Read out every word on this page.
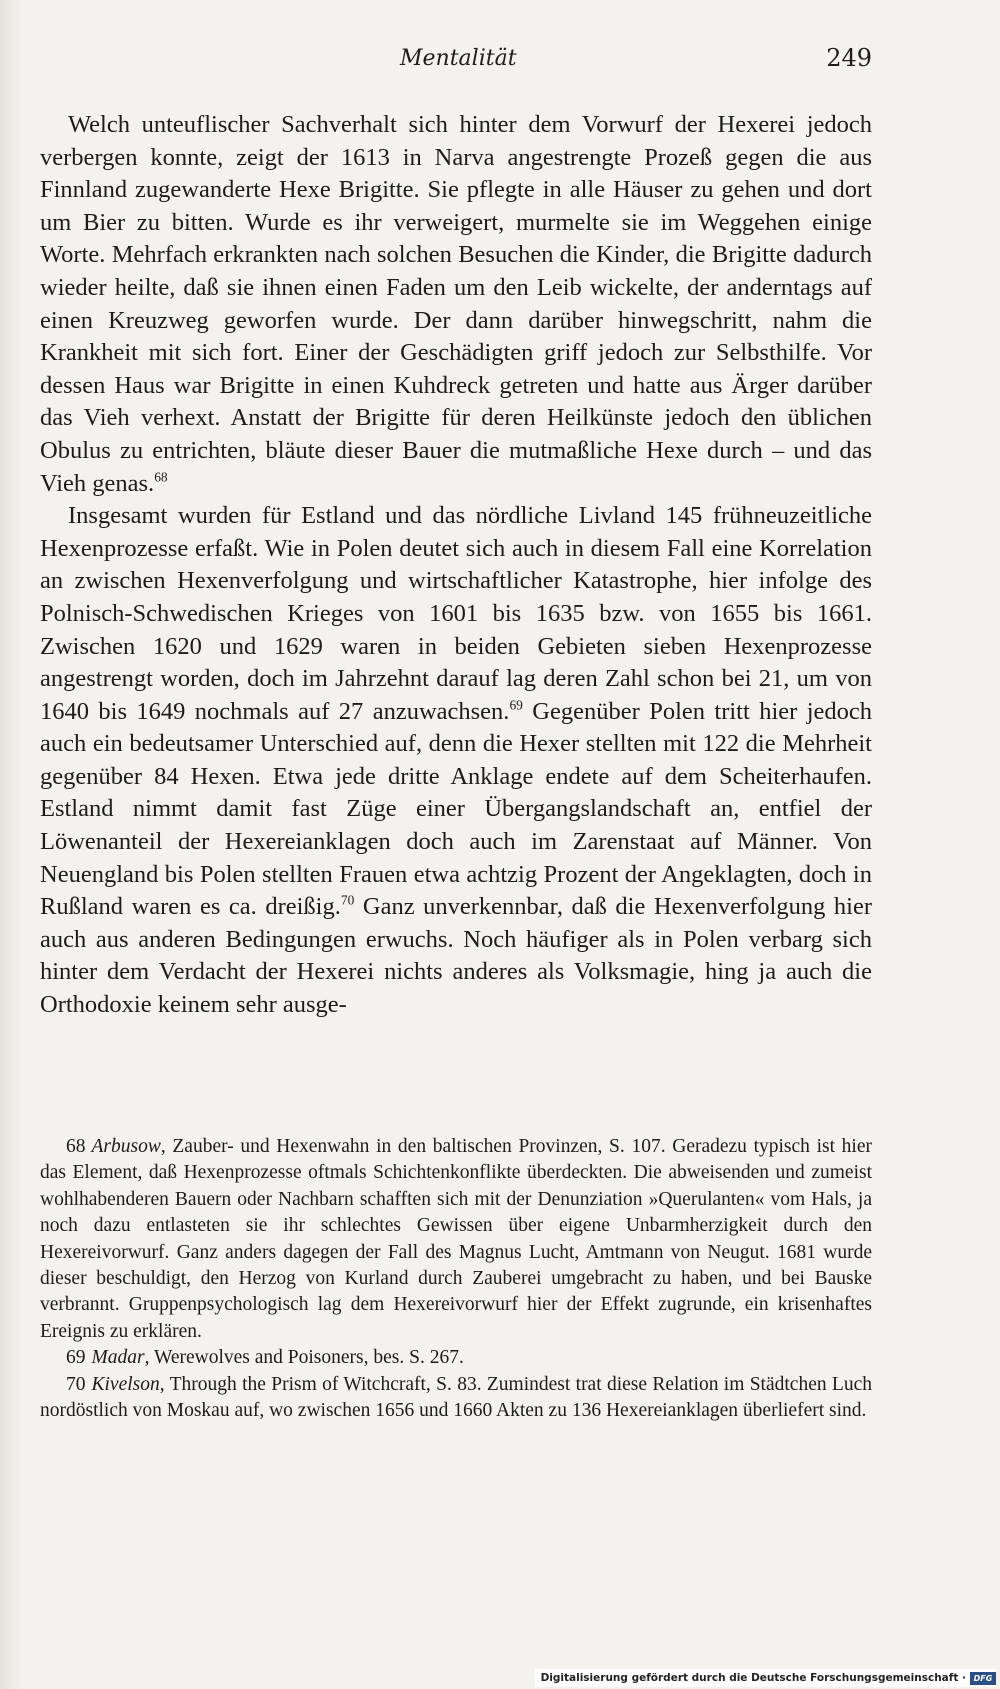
Mentalität	249

Welch unteuflischer Sachverhalt sich hinter dem Vorwurf der Hexerei jedoch verbergen konnte, zeigt der 1613 in Narva angestrengte Prozeß gegen die aus Finnland zugewanderte Hexe Brigitte. Sie pflegte in alle Häuser zu gehen und dort um Bier zu bitten. Wurde es ihr verweigert, murmelte sie im Weggehen einige Worte. Mehrfach erkrankten nach solchen Besuchen die Kinder, die Brigitte dadurch wieder heilte, daß sie ihnen einen Faden um den Leib wickelte, der anderntags auf einen Kreuzweg geworfen wurde. Der dann darüber hinwegschritt, nahm die Krankheit mit sich fort. Einer der Geschädigten griff jedoch zur Selbsthilfe. Vor dessen Haus war Brigitte in einen Kuhdreck getreten und hatte aus Ärger darüber das Vieh verhext. Anstatt der Brigitte für deren Heilkünste jedoch den üblichen Obulus zu entrichten, bläute dieser Bauer die mutmaßliche Hexe durch – und das Vieh genas.$^{68}$

Insgesamt wurden für Estland und das nördliche Livland 145 frühneuzeitliche Hexenprozesse erfaßt. Wie in Polen deutet sich auch in diesem Fall eine Korrelation an zwischen Hexenverfolgung und wirtschaftlicher Katastrophe, hier infolge des Polnisch-Schwedischen Krieges von 1601 bis 1635 bzw. von 1655 bis 1661. Zwischen 1620 und 1629 waren in beiden Gebieten sieben Hexenprozesse angestrengt worden, doch im Jahrzehnt darauf lag deren Zahl schon bei 21, um von 1640 bis 1649 nochmals auf 27 anzuwachsen.$^{69}$ Gegenüber Polen tritt hier jedoch auch ein bedeutsamer Unterschied auf, denn die Hexer stellten mit 122 die Mehrheit gegenüber 84 Hexen. Etwa jede dritte Anklage endete auf dem Scheiterhaufen. Estland nimmt damit fast Züge einer Übergangslandschaft an, entfiel der Löwenanteil der Hexereianklagen doch auch im Zarenstaat auf Männer. Von Neuengland bis Polen stellten Frauen etwa achtzig Prozent der Angeklagten, doch in Rußland waren es ca. dreißig.$^{70}$ Ganz unverkennbar, daß die Hexenverfolgung hier auch aus anderen Bedingungen erwuchs. Noch häufiger als in Polen verbarg sich hinter dem Verdacht der Hexerei nichts anderes als Volksmagie, hing ja auch die Orthodoxie keinem sehr ausge-

68 Arbusow, Zauber- und Hexenwahn in den baltischen Provinzen, S. 107. Geradezu typisch ist hier das Element, daß Hexenprozesse oftmals Schichtenkonflikte überdeckten. Die abweisenden und zumeist wohlhabenderen Bauern oder Nachbarn schafften sich mit der Denunziation »Querulanten« vom Hals, ja noch dazu entlasteten sie ihr schlechtes Gewissen über eigene Unbarmherzigkeit durch den Hexereivorwurf. Ganz anders dagegen der Fall des Magnus Lucht, Amtmann von Neugut. 1681 wurde dieser beschuldigt, den Herzog von Kurland durch Zauberei umgebracht zu haben, und bei Bauske verbrannt. Gruppenpsychologisch lag dem Hexereivorwurf hier der Effekt zugrunde, ein krisenhaftes Ereignis zu erklären.

69 Madar, Werewolves and Poisoners, bes. S. 267.

70 Kivelson, Through the Prism of Witchcraft, S. 83. Zumindest trat diese Relation im Städtchen Luch nordöstlich von Moskau auf, wo zwischen 1656 und 1660 Akten zu 136 Hexereianklagen überliefert sind.

Digitalisierung gefördert durch die Deutsche Forschungsgemeinschaft · DFG
